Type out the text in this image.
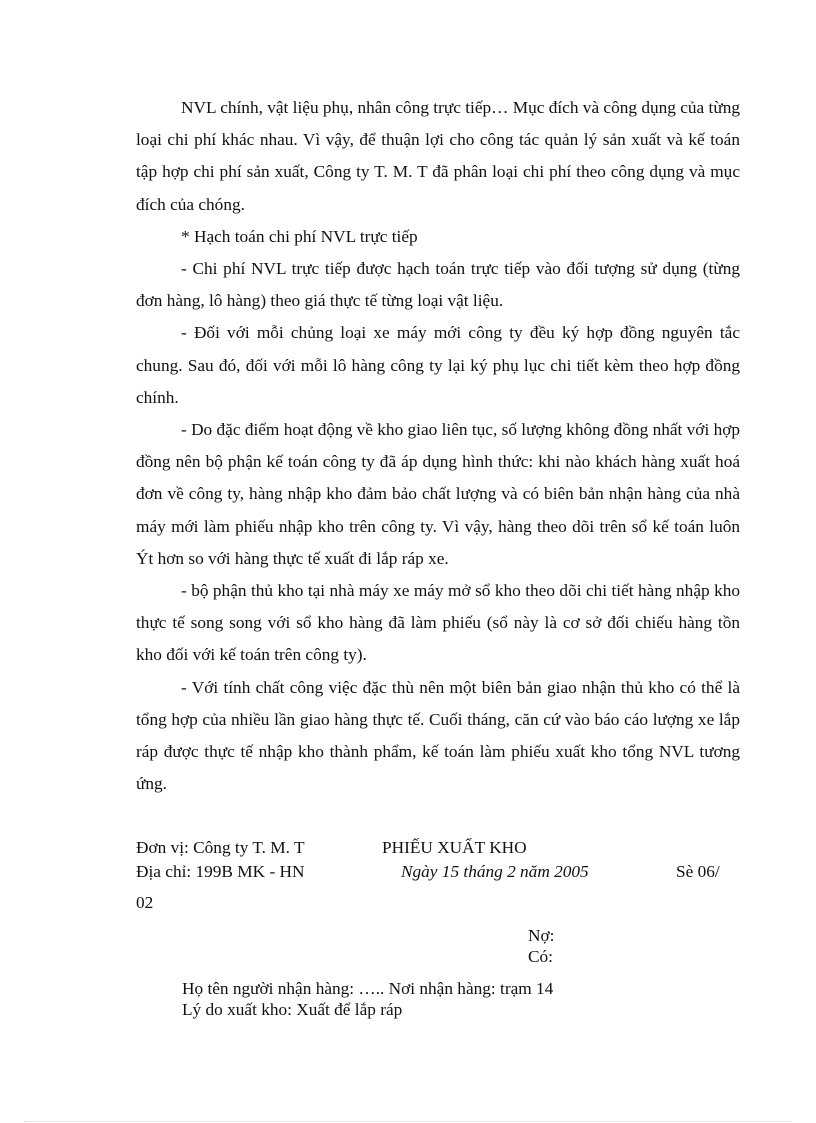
NVL chính, vật liệu phụ, nhân công trực tiếp… Mục đích và công dụng của từng loại chi phí khác nhau. Vì vậy, để thuận lợi cho công tác quản lý sản xuất và kế toán tập hợp chi phí sản xuất, Công ty T. M. T đã phân loại chi phí theo công dụng và mục đích của chóng.

* Hạch toán chi phí NVL trực tiếp

- Chi phí NVL trực tiếp được hạch toán trực tiếp vào đối tượng sử dụng (từng đơn hàng, lô hàng) theo giá thực tế từng loại vật liệu.

- Đối với mỗi chủng loại xe máy mới công ty đều ký hợp đồng nguyên tắc chung. Sau đó, đối với mỗi lô hàng công ty lại ký phụ lục chi tiết kèm theo hợp đồng chính.

- Do đặc điểm hoạt động về kho giao liên tục, số lượng không đồng nhất với hợp đồng nên bộ phận kế toán công ty đã áp dụng hình thức: khi nào khách hàng xuất hoá đơn về công ty, hàng nhập kho đảm bảo chất lượng và có biên bản nhận hàng của nhà máy mới làm phiếu nhập kho trên công ty. Vì vậy, hàng theo dõi trên sổ kế toán luôn Ýt hơn so với hàng thực tế xuất đi lắp ráp xe.

- bộ phận thủ kho tại nhà máy xe máy mở sổ kho theo dõi chi tiết hàng nhập kho thực tế song song với sổ kho hàng đã làm phiếu (sổ này là cơ sở đối chiếu hàng tồn kho đối với kế toán trên công ty).

- Với tính chất công việc đặc thù nên một biên bản giao nhận thủ kho có thể là tổng hợp của nhiều lần giao hàng thực tế. Cuối tháng, căn cứ vào báo cáo lượng xe lắp ráp được thực tế nhập kho thành phẩm, kế toán làm phiếu xuất kho tổng NVL tương ứng.

Đơn vị: Công ty T. M. T	PHIẾU XUẤT KHO
Địa chỉ: 199B MK - HN	Ngày 15 tháng 2 năm 2005	Sè 06/
02
Nợ:
Có:
Họ tên người nhận hàng: ….. Nơi nhận hàng: trạm 14
Lý do xuất kho: Xuất để lắp ráp
